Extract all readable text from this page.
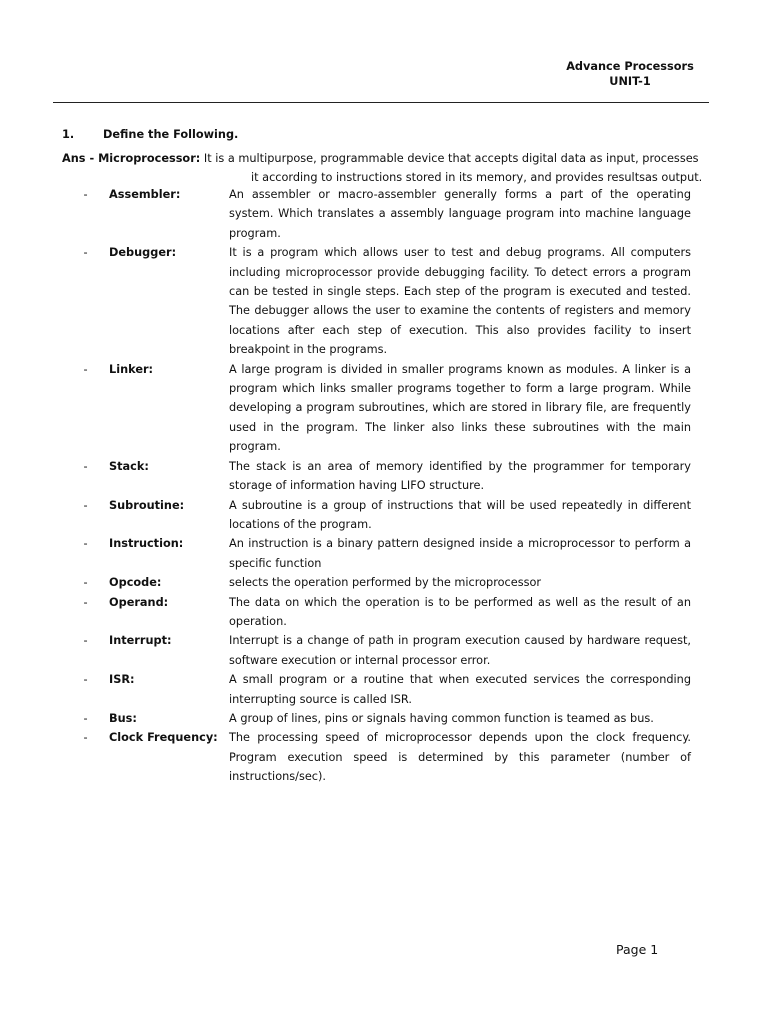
Advance Processors
UNIT-1
1.	Define the Following.
Ans - Microprocessor: It is a multipurpose, programmable device that accepts digital data as input, processes
it according to instructions stored in its memory, and provides resultsas output.
-	Assembler:	An assembler or macro-assembler generally forms a part of the operating system. Which translates a assembly language program into machine language program.
-	Debugger:	It is a program which allows user to test and debug programs. All computers including microprocessor provide debugging facility. To detect errors a program can be tested in single steps. Each step of the program is executed and tested. The debugger allows the user to examine the contents of registers and memory locations after each step of execution. This also provides facility to insert breakpoint in the programs.
-	Linker:	A large program is divided in smaller programs known as modules. A linker is a program which links smaller programs together to form a large program. While developing a program subroutines, which are stored in library file, are frequently used in the program. The linker also links these subroutines with the main program.
-	Stack:	The stack is an area of memory identified by the programmer for temporary storage of information having LIFO structure.
-	Subroutine:	A subroutine is a group of instructions that will be used repeatedly in different locations of the program.
-	Instruction:	An instruction is a binary pattern designed inside a microprocessor to perform a specific function
-	Opcode:	selects the operation performed by the microprocessor
-	Operand:	The data on which the operation is to be performed as well as the result of an operation.
-	Interrupt:	Interrupt is a change of path in program execution caused by hardware request, software execution or internal processor error.
-	ISR:	A small program or a routine that when executed services the corresponding interrupting source is called ISR.
-	Bus:	A group of lines, pins or signals having common function is teamed as bus.
-	Clock Frequency: The processing speed of microprocessor depends upon the clock frequency. Program execution speed is determined by this parameter (number of instructions/sec).
Page 1
